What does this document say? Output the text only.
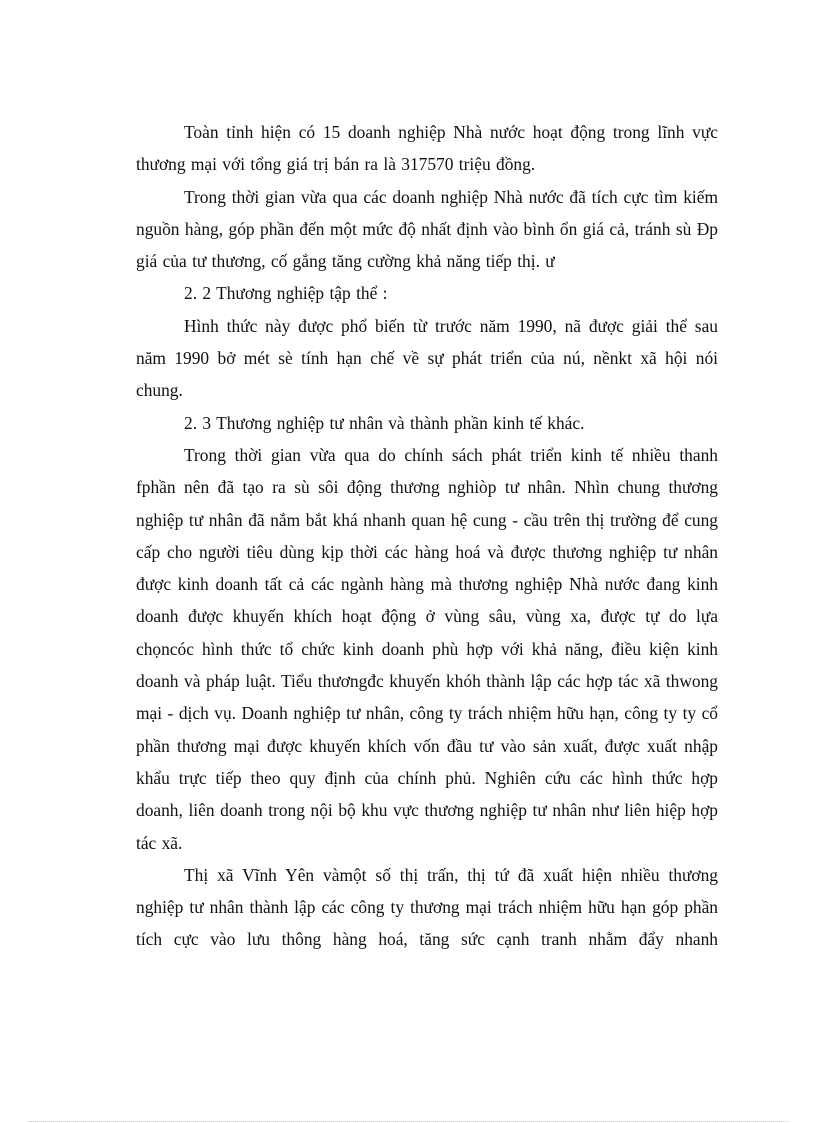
Toàn tỉnh hiện có 15 doanh nghiệp Nhà nước hoạt động trong lĩnh vực thương mại với tổng giá trị bán ra là 317570 triệu đồng.

Trong thời gian vừa qua các doanh nghiệp Nhà nước đã tích cực tìm kiếm nguồn hàng, góp phần đến một mức độ nhất định vào bình ổn giá cả, tránh sù Đp giá của tư thương, cố gắng tăng cường khả năng tiếp thị. ư

2. 2 Thương nghiệp tập thể :

Hình thức này được phổ biến từ trước năm 1990, nã được giải thể sau năm 1990 bở mét sè tính hạn chế về sự phát triển của nú, nềnkt xã hội nói chung.

2. 3 Thương nghiệp tư nhân và thành phần kinh tế khác.

Trong thời gian vừa qua do chính sách phát triển kinh tế nhiều thanh fphần nên đã tạo ra sù sôi động thương nghiòp tư nhân. Nhìn chung thương nghiệp tư nhân đã nắm bắt khá nhanh quan hệ cung - cầu trên thị trường để cung cấp cho người tiêu dùng kịp thời các hàng hoá và được thương nghiệp tư nhân được kinh doanh tất cả các ngành hàng mà thương nghiệp Nhà nước đang kinh doanh được khuyến khích hoạt động ở vùng sâu, vùng xa, được tự do lựa chọncóc hình thức tổ chức kinh doanh phù hợp với khả năng, điều kiện kinh doanh và pháp luật. Tiểu thươngđc khuyến khóh thành lập các hợp tác xã thwong mại - dịch vụ. Doanh nghiệp tư nhân, công ty trách nhiệm hữu hạn, công ty ty cổ phần thương mại được khuyến khích vốn đầu tư vào sản xuất, được xuất nhập khẩu trực tiếp theo quy định của chính phủ. Nghiên cứu các hình thức hợp doanh, liên doanh trong nội bộ khu vực thương nghiệp tư nhân như liên hiệp hợp tác xã.

Thị xã Vĩnh Yên vàmột số thị trấn, thị tứ đã xuất hiện nhiều thương nghiệp tư nhân thành lập các công ty thương mại trách nhiệm hữu hạn góp phần tích cực vào lưu thông hàng hoá, tăng sức cạnh tranh nhằm đẩy nhanh
